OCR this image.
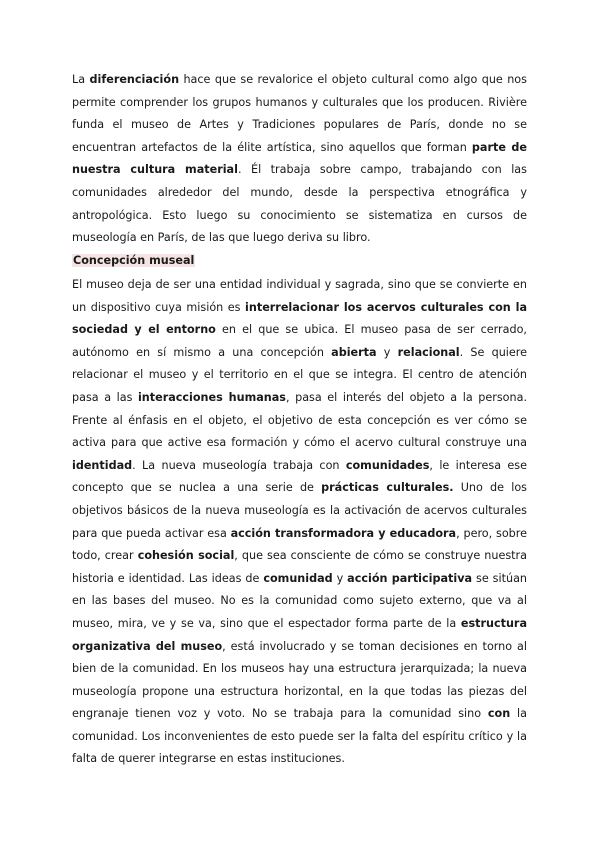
La diferenciación hace que se revalorice el objeto cultural como algo que nos permite comprender los grupos humanos y culturales que los producen. Rivière funda el museo de Artes y Tradiciones populares de París, donde no se encuentran artefactos de la élite artística, sino aquellos que forman parte de nuestra cultura material. Él trabaja sobre campo, trabajando con las comunidades alrededor del mundo, desde la perspectiva etnográfica y antropológica. Esto luego su conocimiento se sistematiza en cursos de museología en París, de las que luego deriva su libro.

Concepción museal

El museo deja de ser una entidad individual y sagrada, sino que se convierte en un dispositivo cuya misión es interrelacionar los acervos culturales con la sociedad y el entorno en el que se ubica. El museo pasa de ser cerrado, autónomo en sí mismo a una concepción abierta y relacional. Se quiere relacionar el museo y el territorio en el que se integra. El centro de atención pasa a las interacciones humanas, pasa el interés del objeto a la persona. Frente al énfasis en el objeto, el objetivo de esta concepción es ver cómo se activa para que active esa formación y cómo el acervo cultural construye una identidad. La nueva museología trabaja con comunidades, le interesa ese concepto que se nuclea a una serie de prácticas culturales. Uno de los objetivos básicos de la nueva museología es la activación de acervos culturales para que pueda activar esa acción transformadora y educadora, pero, sobre todo, crear cohesión social, que sea consciente de cómo se construye nuestra historia e identidad. Las ideas de comunidad y acción participativa se sitúan en las bases del museo. No es la comunidad como sujeto externo, que va al museo, mira, ve y se va, sino que el espectador forma parte de la estructura organizativa del museo, está involucrado y se toman decisiones en torno al bien de la comunidad. En los museos hay una estructura jerarquizada; la nueva museología propone una estructura horizontal, en la que todas las piezas del engranaje tienen voz y voto. No se trabaja para la comunidad sino con la comunidad. Los inconvenientes de esto puede ser la falta del espíritu crítico y la falta de querer integrarse en estas instituciones.
